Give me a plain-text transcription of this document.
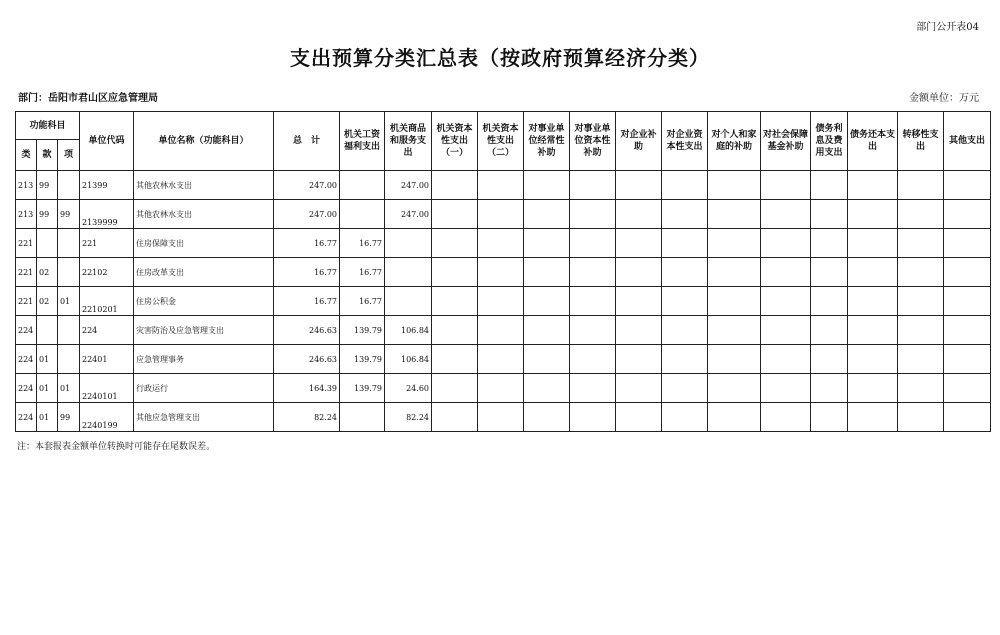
部门公开表04
支出预算分类汇总表（按政府预算经济分类）
部门：岳阳市君山区应急管理局	金额单位：万元
功能科目			单位代码	单位名称（功能科目）	总　计	机关工资福利支出	机关商品和服务支出	机关资本性支出（一）	机关资本性支出（二）	对事业单位经常性补助	对事业单位资本性补助	对企业补助	对企业资本性支出	对个人和家庭的补助	对社会保障基金补助	债务利息及费用支出	债务还本支出	转移性支出	其他支出
类	款	项																	
213	99		21399	其他农林水支出	247.00		247.00												
213	99	99	2139999	其他农林水支出	247.00		247.00												
221			221	住房保障支出	16.77	16.77													
221	02		22102	住房改革支出	16.77	16.77													
221	02	01	2210201	住房公积金	16.77	16.77													
224			224	灾害防治及应急管理支出	246.63	139.79	106.84												
224	01		22401	应急管理事务	246.63	139.79	106.84												
224	01	01	2240101	行政运行	164.39	139.79	24.60												
224	01	99	2240199	其他应急管理支出	82.24		82.24												
注：本套报表金额单位转换时可能存在尾数误差。
